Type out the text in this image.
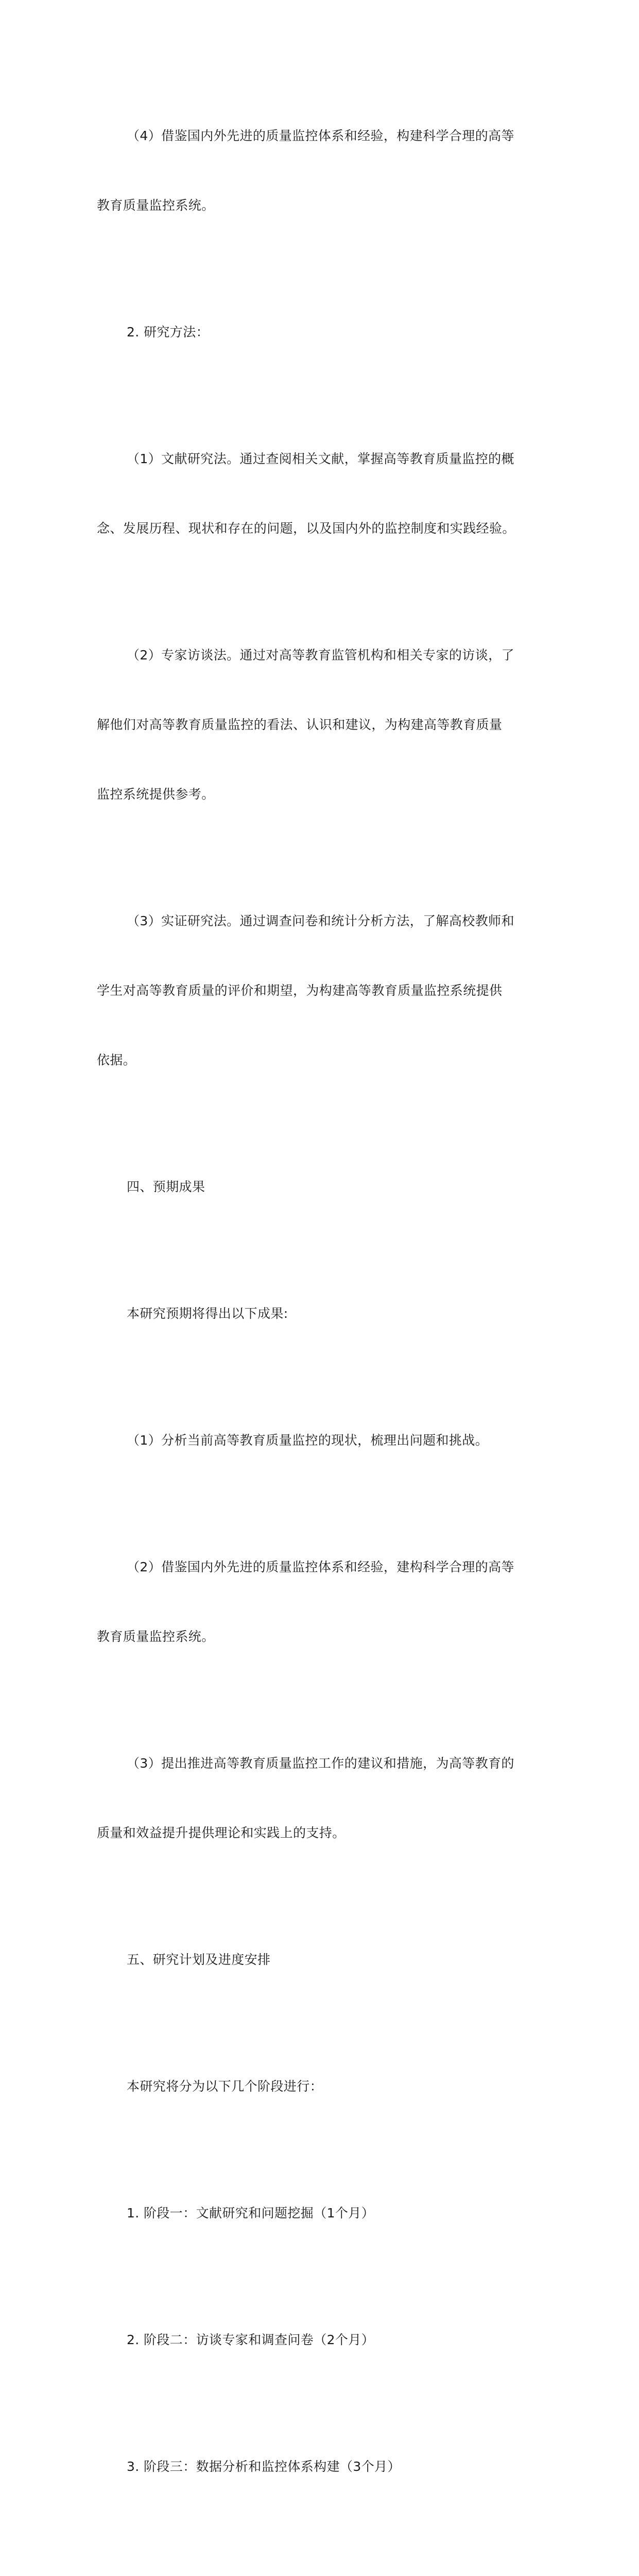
（4）借鉴国内外先进的质量监控体系和经验，构建科学合理的高等

教育质量监控系统。

2. 研究方法：

（1）文献研究法。通过查阅相关文献，掌握高等教育质量监控的概

念、发展历程、现状和存在的问题，以及国内外的监控制度和实践经验。

（2）专家访谈法。通过对高等教育监管机构和相关专家的访谈，了

解他们对高等教育质量监控的看法、认识和建议，为构建高等教育质量

监控系统提供参考。

（3）实证研究法。通过调查问卷和统计分析方法，了解高校教师和

学生对高等教育质量的评价和期望，为构建高等教育质量监控系统提供

依据。

四、预期成果

本研究预期将得出以下成果:

（1）分析当前高等教育质量监控的现状，梳理出问题和挑战。

（2）借鉴国内外先进的质量监控体系和经验，建构科学合理的高等

教育质量监控系统。

（3）提出推进高等教育质量监控工作的建议和措施，为高等教育的

质量和效益提升提供理论和实践上的支持。

五、研究计划及进度安排

本研究将分为以下几个阶段进行：

1. 阶段一：文献研究和问题挖掘（1个月）

2. 阶段二：访谈专家和调查问卷（2个月）

3. 阶段三：数据分析和监控体系构建（3个月）
